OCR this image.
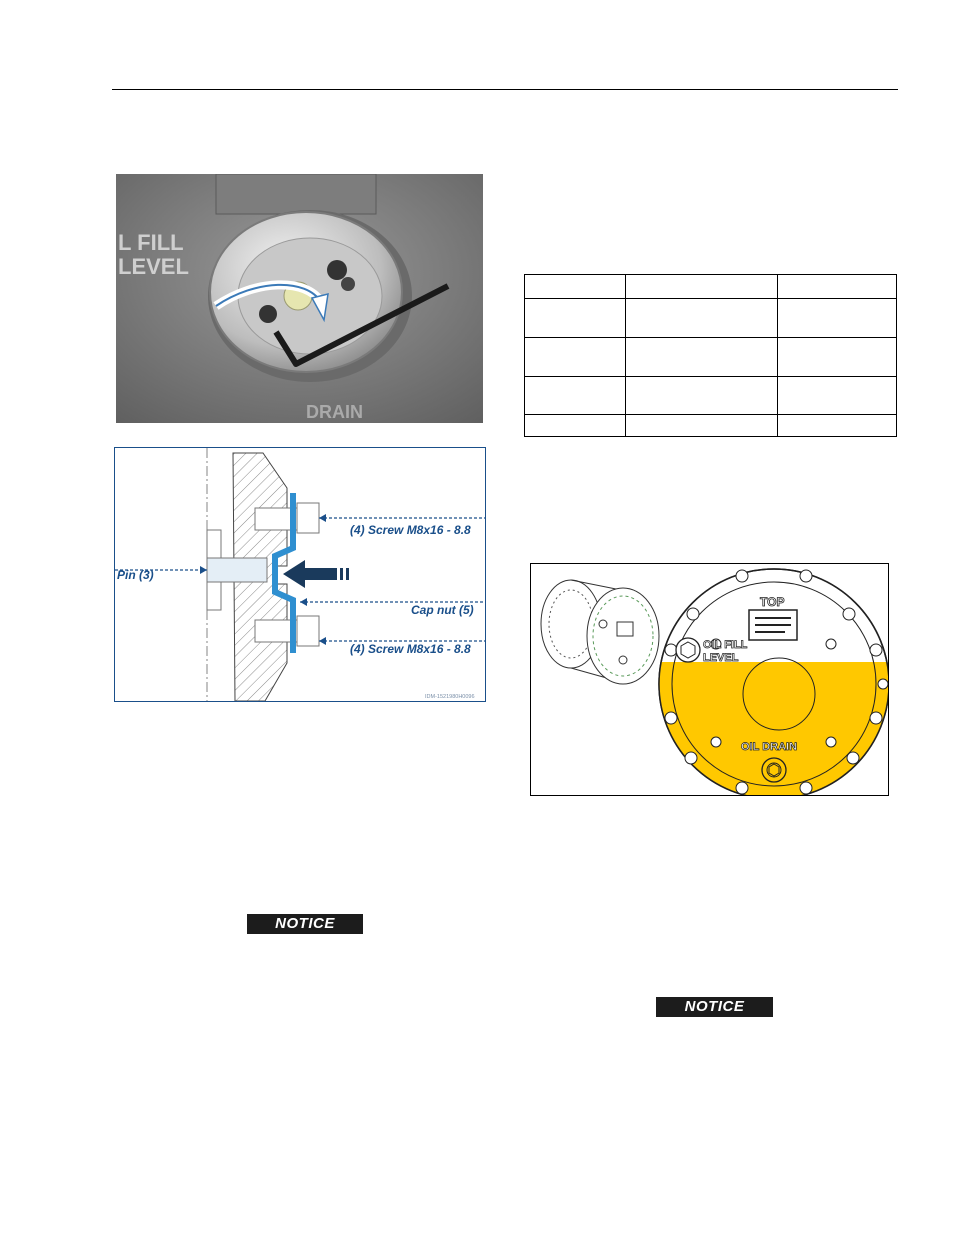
L FILL
LEVEL
DRAIN
(4) Screw M8x16 - 8.8
Pin (3)
Cap nut (5)
(4) Screw M8x16 - 8.8
IDM-1521980H0096

TOP
OIL FILL
LEVEL
OIL DRAIN
NOTICE
NOTICE
